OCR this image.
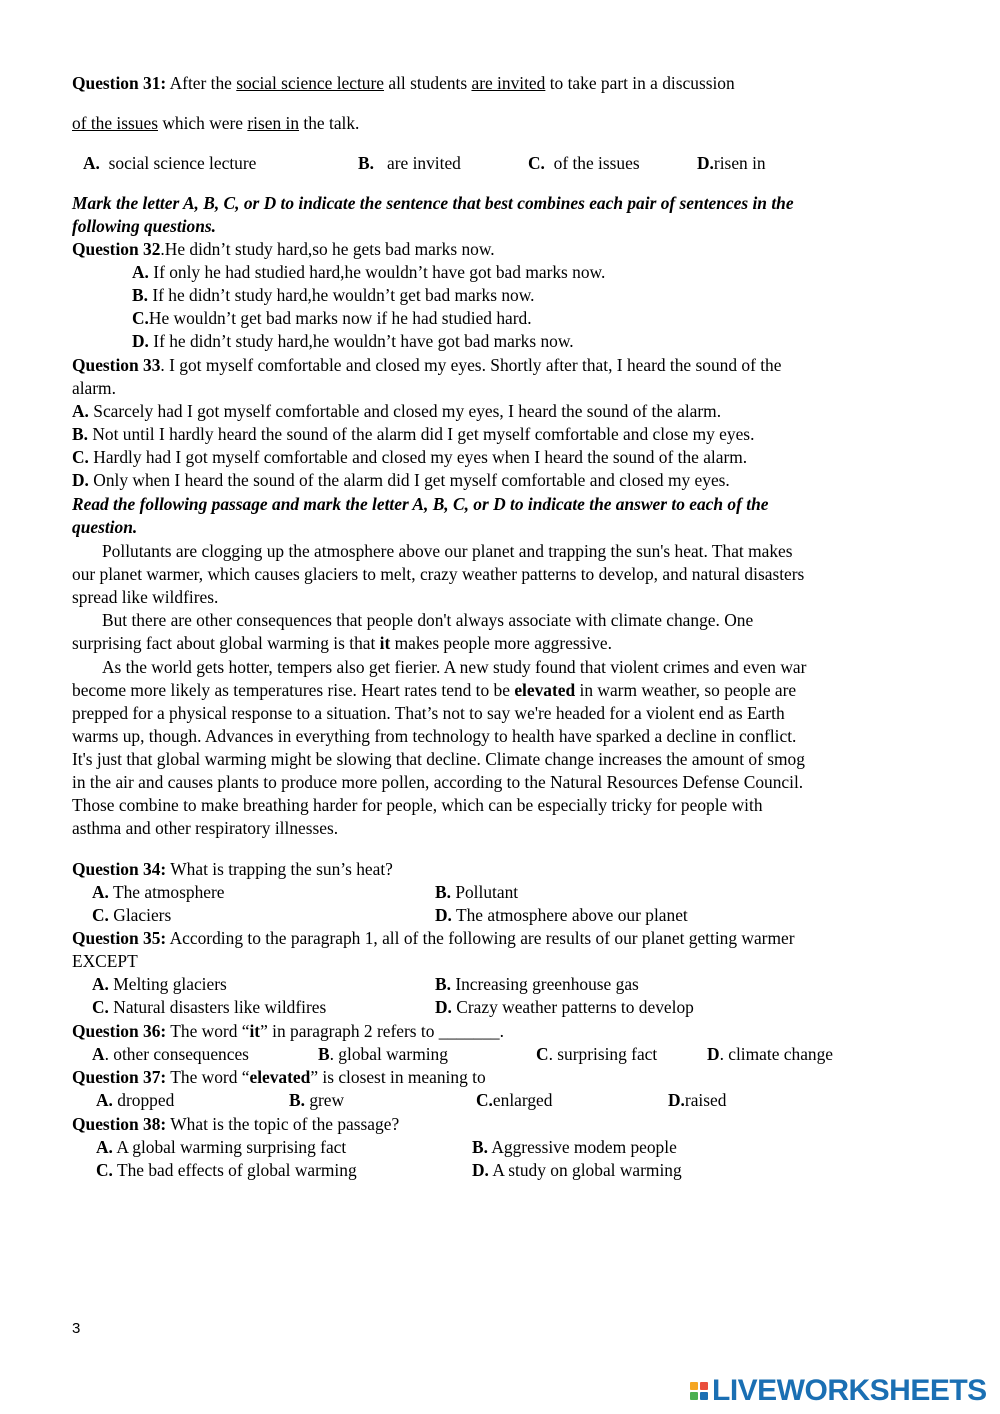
Question 31: After the social science lecture all students are invited to take part in a discussion
of the issues which were risen in the talk.
A. social science lecture	B. are invited	C. of the issues	D.risen in
Mark the letter A, B, C, or D to indicate the sentence that best combines each pair of sentences in the
following questions.
Question 32.He didn’t study hard,so he gets bad marks now.
A. If only he had studied hard,he wouldn’t have got bad marks now.
B. If he didn’t study hard,he wouldn’t get bad marks now.
C.He wouldn’t get bad marks now if he had studied hard.
D. If he didn’t study hard,he wouldn’t have got bad marks now.
Question 33. I got myself comfortable and closed my eyes. Shortly after that, I heard the sound of the
alarm.
A. Scarcely had I got myself comfortable and closed my eyes, I heard the sound of the alarm.
B. Not until I hardly heard the sound of the alarm did I get myself comfortable and close my eyes.
C. Hardly had I got myself comfortable and closed my eyes when I heard the sound of the alarm.
D. Only when I heard the sound of the alarm did I get myself comfortable and closed my eyes.
Read the following passage and mark the letter A, B, C, or D to indicate the answer to each of the
question.
Pollutants are clogging up the atmosphere above our planet and trapping the sun's heat. That makes
our planet warmer, which causes glaciers to melt, crazy weather patterns to develop, and natural disasters
spread like wildfires.
But there are other consequences that people don't always associate with climate change. One
surprising fact about global warming is that it makes people more aggressive.
As the world gets hotter, tempers also get fierier. A new study found that violent crimes and even war
become more likely as temperatures rise. Heart rates tend to be elevated in warm weather, so people are
prepped for a physical response to a situation. That’s not to say we're headed for a violent end as Earth
warms up, though. Advances in everything from technology to health have sparked a decline in conflict.
It's just that global warming might be slowing that decline. Climate change increases the amount of smog
in the air and causes plants to produce more pollen, according to the Natural Resources Defense Council.
Those combine to make breathing harder for people, which can be especially tricky for people with
asthma and other respiratory illnesses.
Question 34: What is trapping the sun’s heat?
A. The atmosphere	B. Pollutant
C. Glaciers	D. The atmosphere above our planet
Question 35: According to the paragraph 1, all of the following are results of our planet getting warmer
EXCEPT
A. Melting glaciers	B. Increasing greenhouse gas
C. Natural disasters like wildfires	D. Crazy weather patterns to develop
Question 36: The word “it” in paragraph 2 refers to _______.
A. other consequences	B. global warming	C. surprising fact	D. climate change
Question 37: The word “elevated” is closest in meaning to
A. dropped	B. grew	C.enlarged	D.raised
Question 38: What is the topic of the passage?
A. A global warming surprising fact	B. Aggressive modem people
C. The bad effects of global warming	D. A study on global warming
3
LIVEWORKSHEETS
